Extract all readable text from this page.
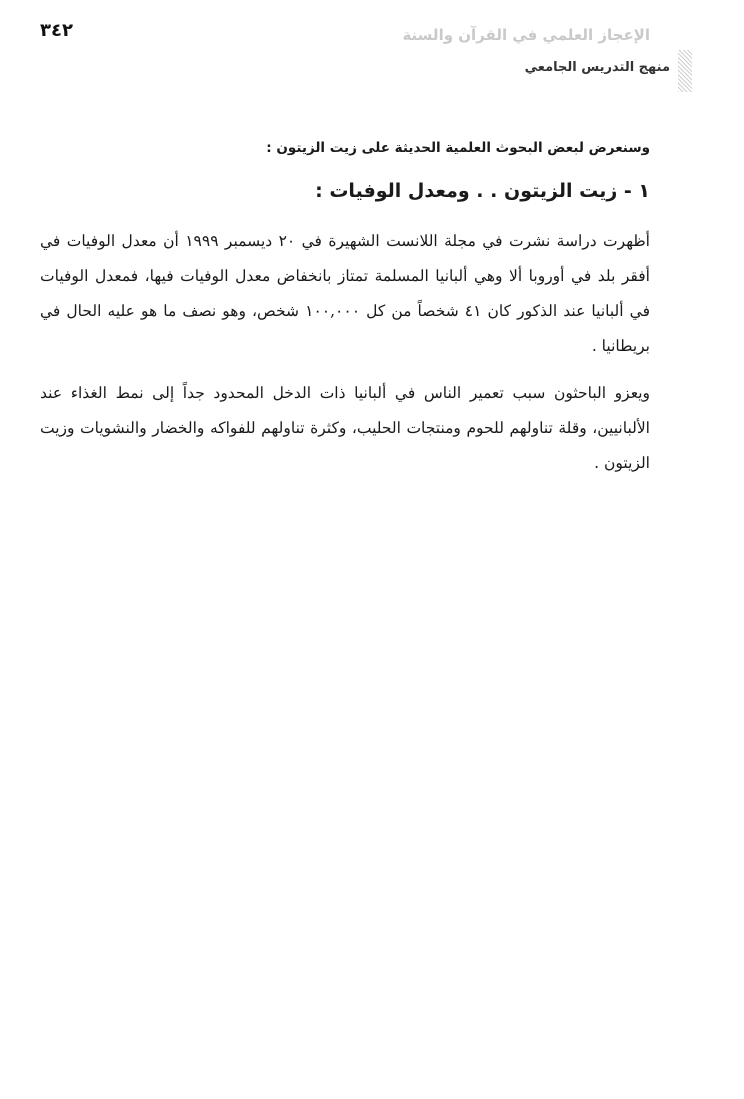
٣٤٢	الإعجاز العلمي في القرآن والسنة
منهج التدريس الجامعي

وسنعرض لبعض البحوث العلمية الحديثة على زيت الزيتون :

١ - زيت الزيتون . . ومعدل الوفيات :

أظهرت دراسة نشرت في مجلة اللانست الشهيرة في ٢٠ ديسمبر ١٩٩٩ أن معدل الوفيات في أفقر بلد في أوروبا ألا وهي ألبانيا المسلمة تمتاز بانخفاض معدل الوفيات فيها، فمعدل الوفيات في ألبانيا عند الذكور كان ٤١ شخصاً من كل ١٠٠,٠٠٠ شخص، وهو نصف ما هو عليه الحال في بريطانيا .

ويعزو الباحثون سبب تعمير الناس في ألبانيا ذات الدخل المحدود جداً إلى نمط الغذاء عند الألبانيين، وقلة تناولهم للحوم ومنتجات الحليب، وكثرة تناولهم للفواكه والخضار والنشويات وزيت الزيتون .
